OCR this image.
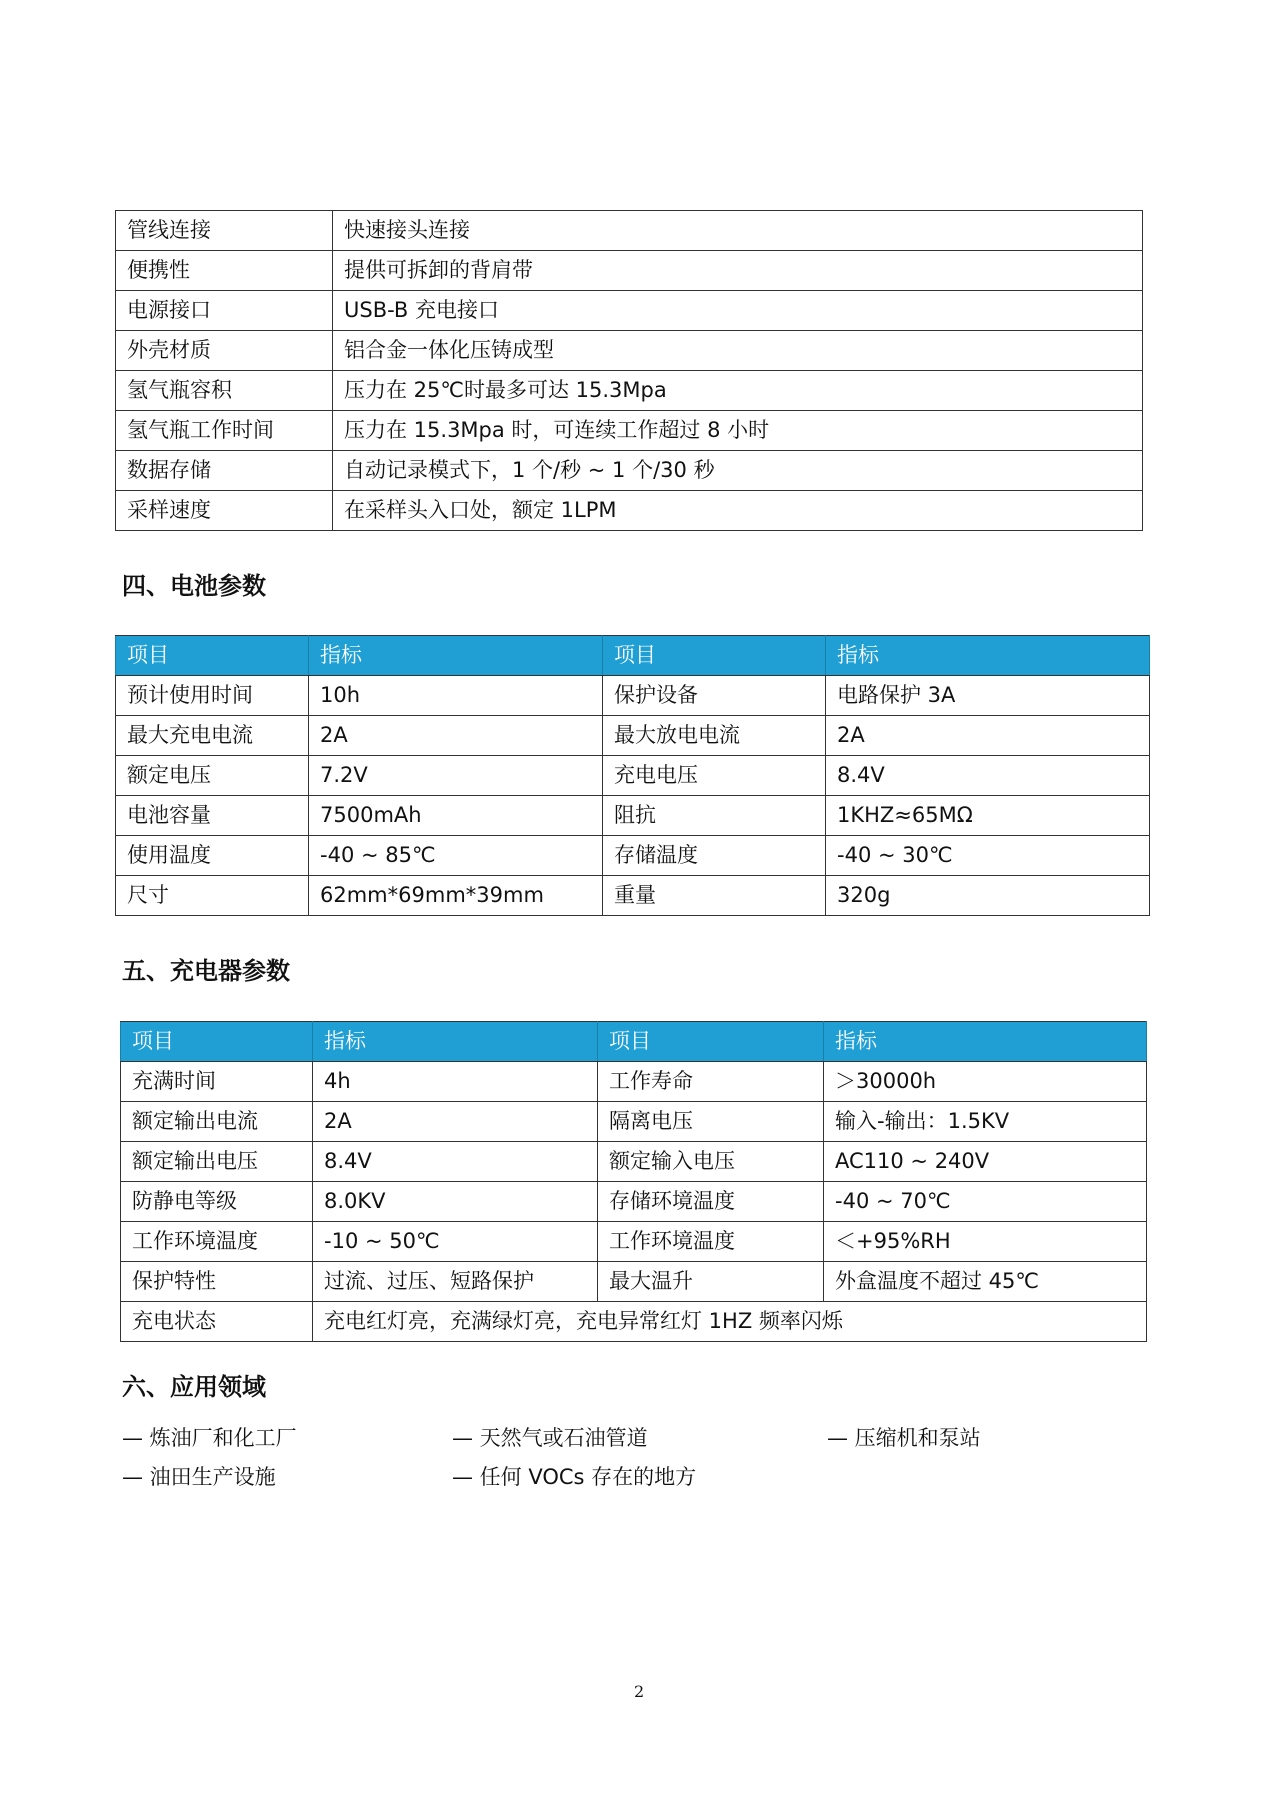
管线连接	快速接头连接
便携性	提供可拆卸的背肩带
电源接口	USB-B 充电接口
外壳材质	铝合金一体化压铸成型
氢气瓶容积	压力在 25℃时最多可达 15.3Mpa
氢气瓶工作时间	压力在 15.3Mpa 时，可连续工作超过 8 小时
数据存储	自动记录模式下，1 个/秒 ~ 1 个/30 秒
采样速度	在采样头入口处，额定 1LPM
四、电池参数
项目	指标	项目	指标
预计使用时间	10h	保护设备	电路保护 3A
最大充电电流	2A	最大放电电流	2A
额定电压	7.2V	充电电压	8.4V
电池容量	7500mAh	阻抗	1KHZ≈65MΩ
使用温度	-40 ~ 85℃	存储温度	-40 ~ 30℃
尺寸	62mm*69mm*39mm	重量	320g
五、充电器参数
项目	指标	项目	指标
充满时间	4h	工作寿命	＞30000h
额定输出电流	2A	隔离电压	输入-输出：1.5KV
额定输出电压	8.4V	额定输入电压	AC110 ~ 240V
防静电等级	8.0KV	存储环境温度	-40 ~ 70℃
工作环境温度	-10 ~ 50℃	工作环境温度	＜+95%RH
保护特性	过流、过压、短路保护	最大温升	外盒温度不超过 45℃
充电状态	充电红灯亮，充满绿灯亮，充电异常红灯 1HZ 频率闪烁		
六、应用领域
— 炼油厂和化工厂	— 天然气或石油管道	— 压缩机和泵站
— 油田生产设施	— 任何 VOCs 存在的地方
2
